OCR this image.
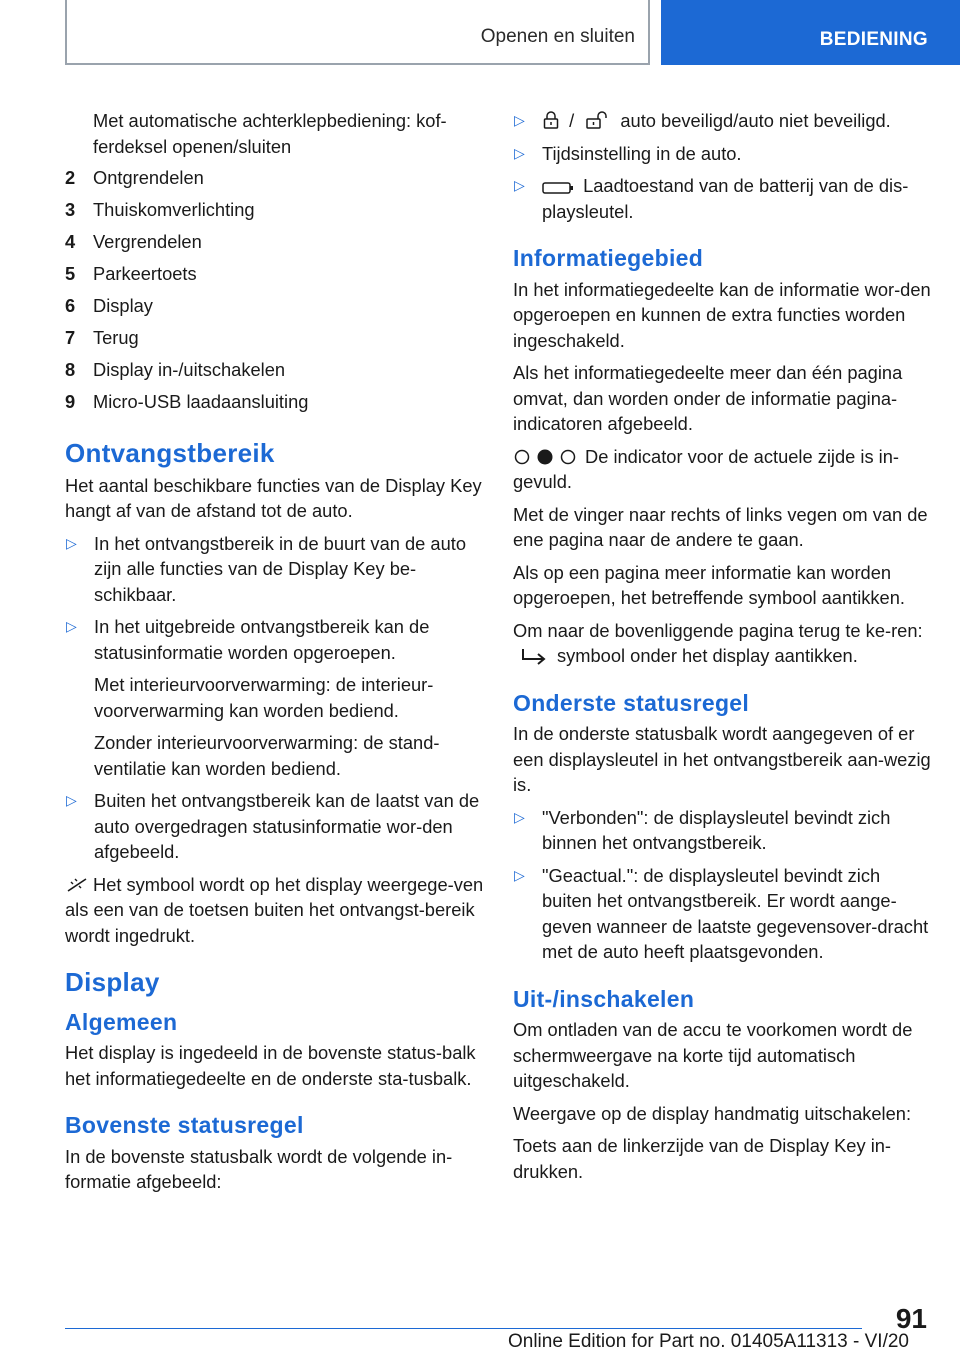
Openen en sluiten	BEDIENING

Met automatische achterklepbediening: kof-ferdeksel openen/sluiten

2 Ontgrendelen
3 Thuiskomverlichting
4 Vergrendelen
5 Parkeertoets
6 Display
7 Terug
8 Display in-/uitschakelen
9 Micro-USB laadaansluiting
Ontvangstbereik

Het aantal beschikbare functies van de Display Key hangt af van de afstand tot de auto.

▷ In het ontvangstbereik in de buurt van de auto zijn alle functies van de Display Key be-schikbaar.
▷ In het uitgebreide ontvangstbereik kan de statusinformatie worden opgeroepen.
Met interieurvoorverwarming: de interieur-voorverwarming kan worden bediend.
Zonder interieurvoorverwarming: de stand-ventilatie kan worden bediend.
▷ Buiten het ontvangstbereik kan de laatst van de auto overgedragen statusinformatie wor-den afgebeeld.

Het symbool wordt op het display weergege-ven als een van de toetsen buiten het ontvangst-bereik wordt ingedrukt.

Display
Algemeen

Het display is ingedeeld in de bovenste status-balk het informatiegedeelte en de onderste sta-tusbalk.

Bovenste statusregel

In de bovenste statusbalk wordt de volgende in-formatie afgebeeld:

▷	/	auto beveiligd/auto niet beveiligd.
▷ Tijdsinstelling in de auto.
▷	Laadtoestand van de batterij van de dis-playsleutel.
Informatiegebied

In het informatiegedeelte kan de informatie wor-den opgeroepen en kunnen de extra functies worden ingeschakeld.

Als het informatiegedeelte meer dan één pagina omvat, dan worden onder de informatie pagina-indicatoren afgebeeld.

De indicator voor de actuele zijde is in-gevuld.

Met de vinger naar rechts of links vegen om van de ene pagina naar de andere te gaan.

Als op een pagina meer informatie kan worden opgeroepen, het betreffende symbool aantikken.

Om naar de bovenliggende pagina terug te ke-ren: symbool onder het display aantikken.

Onderste statusregel

In de onderste statusbalk wordt aangegeven of er een displaysleutel in het ontvangstbereik aan-wezig is.

▷ "Verbonden": de displaysleutel bevindt zich binnen het ontvangstbereik.
▷ "Geactual.": de displaysleutel bevindt zich buiten het ontvangstbereik. Er wordt aange-geven wanneer de laatste gegevensover-dracht met de auto heeft plaatsgevonden.
Uit-/inschakelen

Om ontladen van de accu te voorkomen wordt de schermweergave na korte tijd automatisch uitgeschakeld.

Weergave op de display handmatig uitschakelen:

Toets aan de linkerzijde van de Display Key in-drukken.

91
Online Edition for Part no. 01405A11313 - VI/20
